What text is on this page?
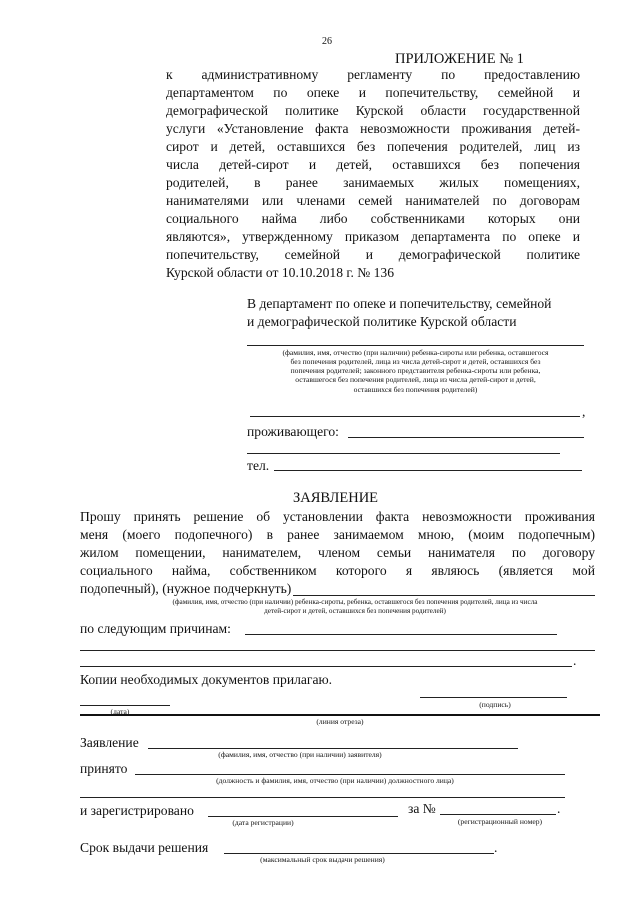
26
ПРИЛОЖЕНИЕ № 1
к административному регламенту по предоставлению
департаментом по опеке и попечительству, семейной и
демографической политике Курской области государственной
услуги «Установление факта невозможности проживания детей-
сирот и детей, оставшихся без попечения родителей, лиц из
числа детей-сирот и детей, оставшихся без попечения
родителей, в ранее занимаемых жилых помещениях,
нанимателями или членами семей нанимателей по договорам
социального найма либо собственниками которых они
являются», утвержденному приказом департамента по опеке и
попечительству, семейной и демографической политике
Курской области от 10.10.2018 г. № 136
В департамент по опеке и попечительству, семейной
и демографической политике Курской области
(фамилия, имя, отчество (при наличии) ребенка-сироты или ребенка, оставшегося
без попечения родителей, лица из числа детей-сирот и детей, оставшихся без
попечения родителей; законного представителя ребенка-сироты или ребенка,
оставшегося без попечения родителей, лица из числа детей-сирот и детей,
оставшихся без попечения родителей)
,
проживающего:
тел.
ЗАЯВЛЕНИЕ
Прошу принять решение об установлении факта невозможности проживания
меня (моего подопечного) в ранее занимаемом мною, (моим подопечным)
жилом помещении, нанимателем, членом семьи нанимателя по договору
социального найма, собственником которого я являюсь (является мой
подопечный), (нужное подчеркнуть)
(фамилия, имя, отчество (при наличии) ребенка-сироты, ребенка, оставшегося без попечения родителей, лица из числа
детей-сирот и детей, оставшихся без попечения родителей)
по следующим причинам:
.
Копии необходимых документов прилагаю.
(дата)
(подпись)
(линия отреза)
Заявление
(фамилия, имя, отчество (при наличии) заявителя)
принято
(должность и фамилия, имя, отчество (при наличии) должностного лица)
и зарегистрировано
(дата регистрации)
за №	.
(регистрационный номер)
Срок выдачи решения	.
(максимальный срок выдачи решения)
